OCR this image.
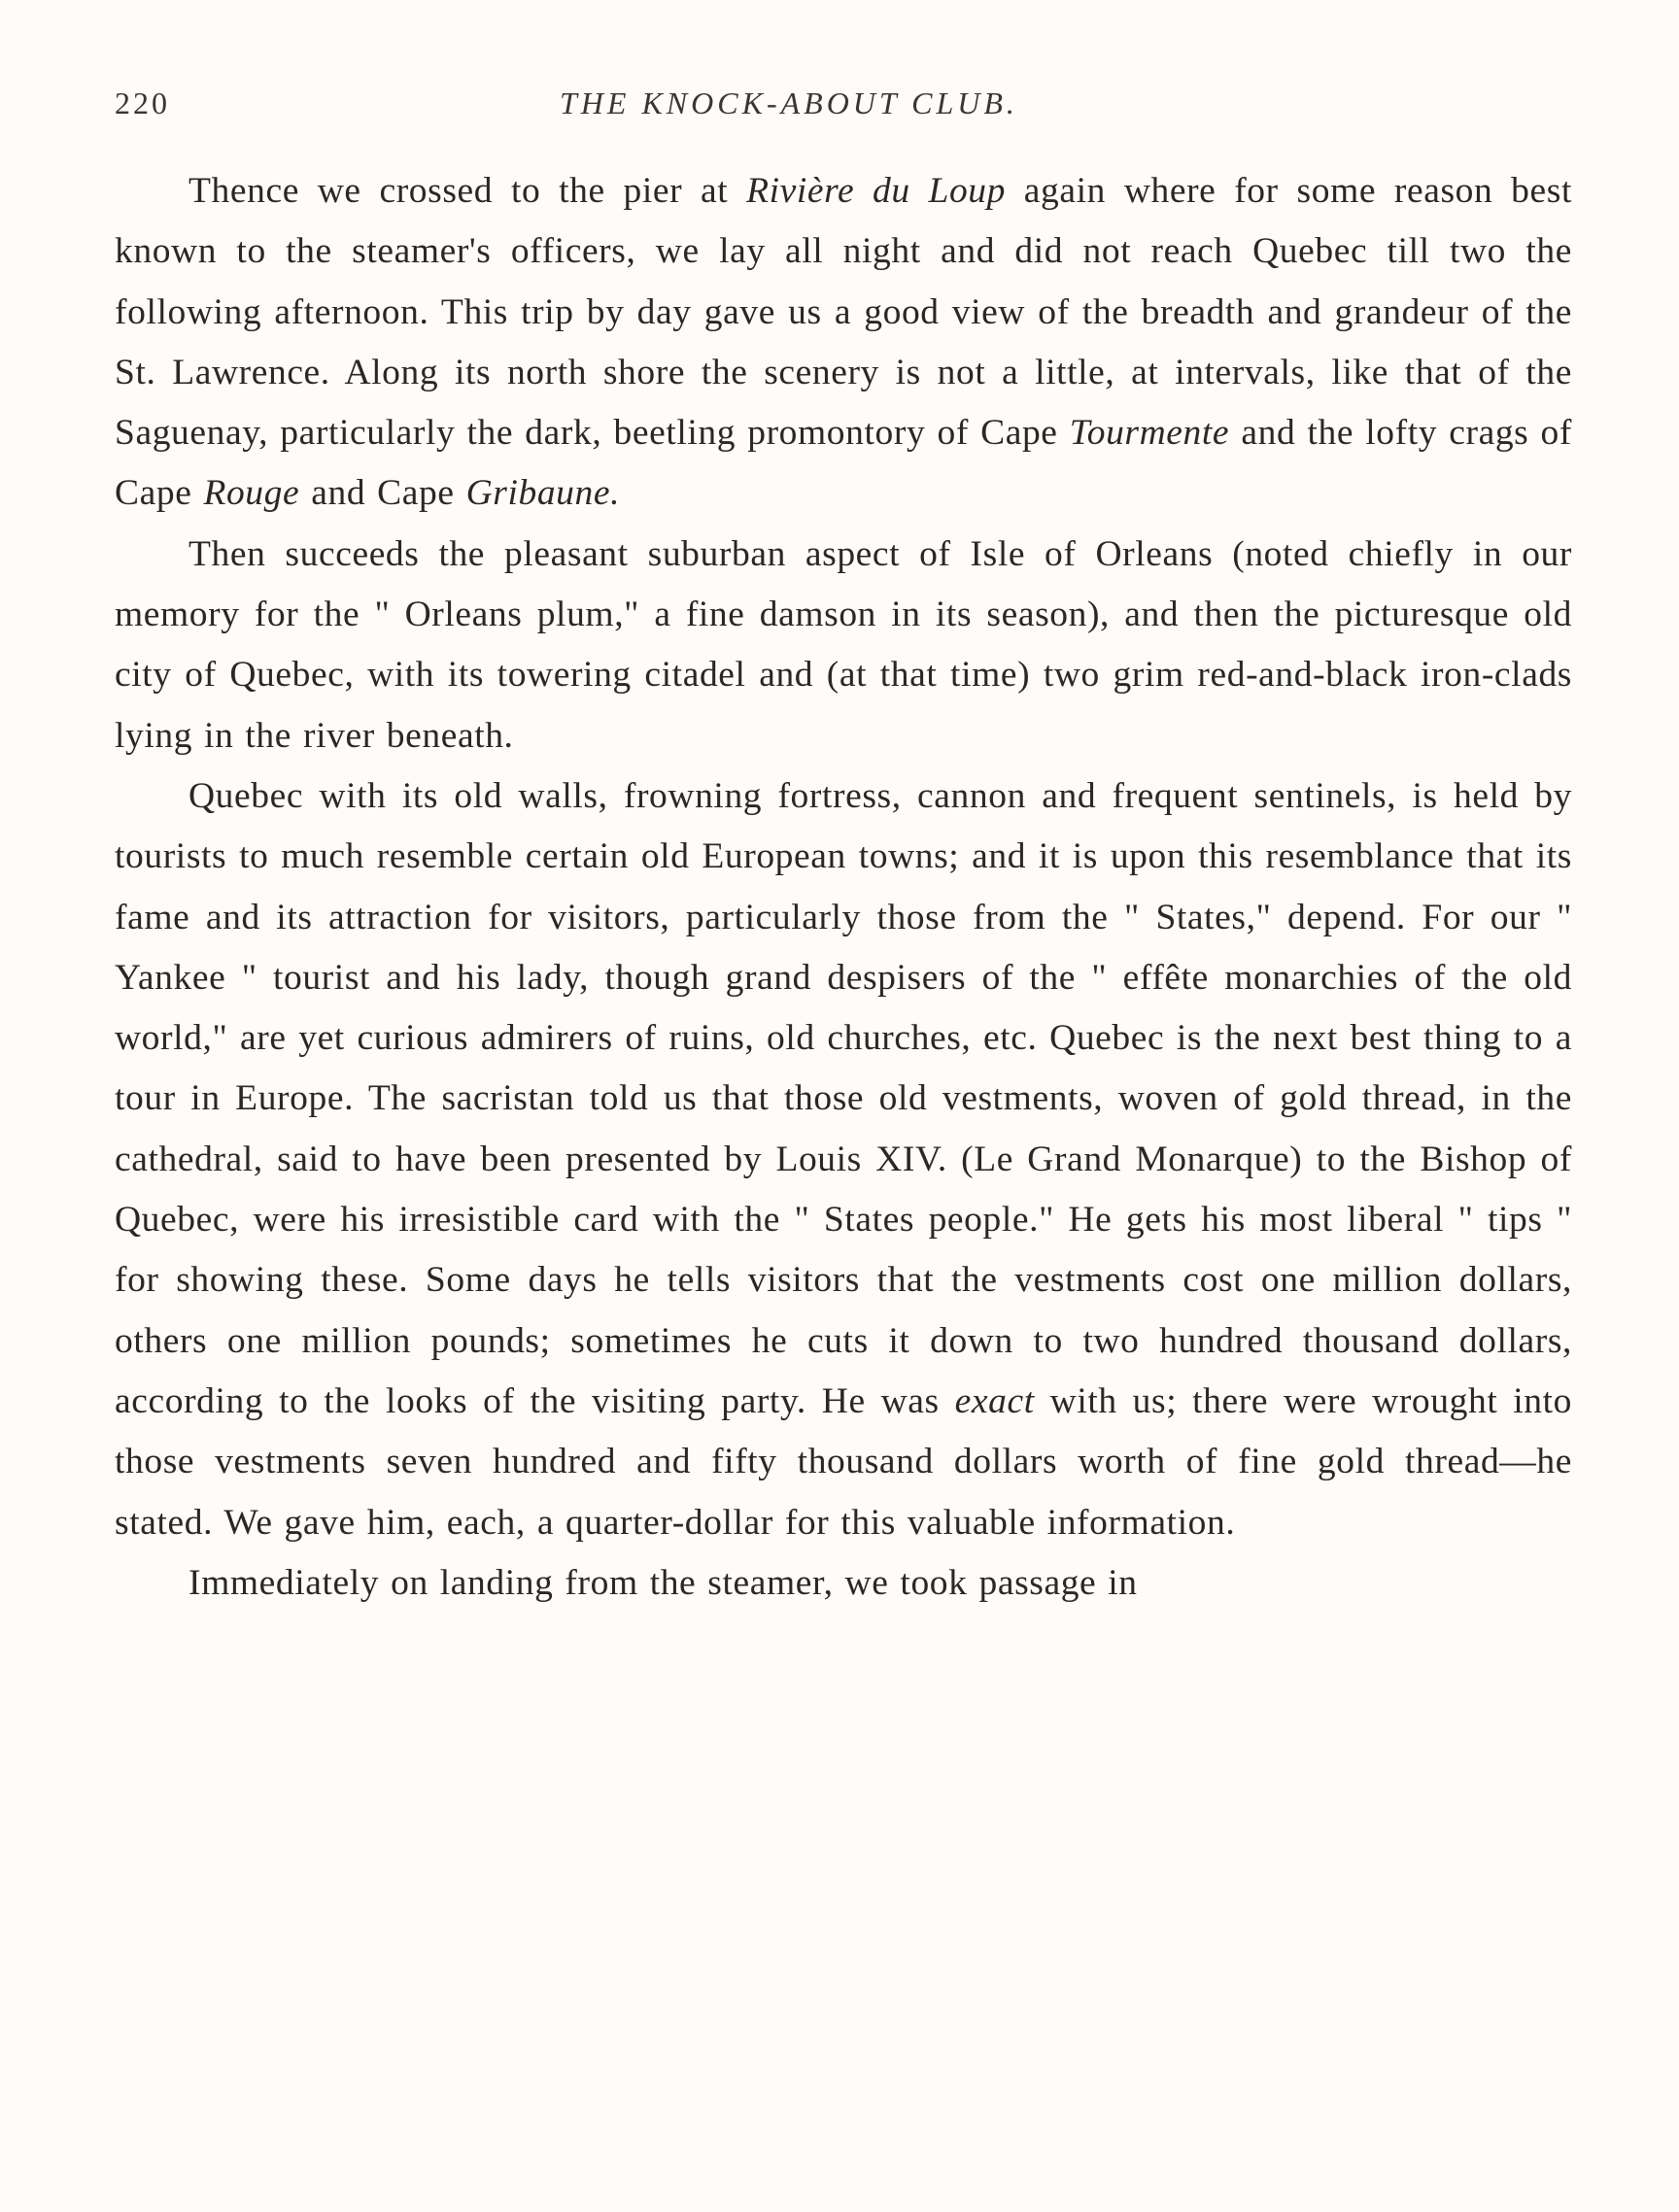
220	THE KNOCK-ABOUT CLUB.

Thence we crossed to the pier at Rivière du Loup again where for some reason best known to the steamer's officers, we lay all night and did not reach Quebec till two the following afternoon. This trip by day gave us a good view of the breadth and grandeur of the St. Lawrence. Along its north shore the scenery is not a little, at intervals, like that of the Saguenay, particularly the dark, beetling promontory of Cape Tourmente and the lofty crags of Cape Rouge and Cape Gribaune.

Then succeeds the pleasant suburban aspect of Isle of Orleans (noted chiefly in our memory for the " Orleans plum," a fine damson in its season), and then the picturesque old city of Quebec, with its towering citadel and (at that time) two grim red-and-black iron-clads lying in the river beneath.

Quebec with its old walls, frowning fortress, cannon and frequent sentinels, is held by tourists to much resemble certain old European towns; and it is upon this resemblance that its fame and its attraction for visitors, particularly those from the " States," depend. For our " Yankee " tourist and his lady, though grand despisers of the " effête monarchies of the old world," are yet curious admirers of ruins, old churches, etc. Quebec is the next best thing to a tour in Europe. The sacristan told us that those old vestments, woven of gold thread, in the cathedral, said to have been presented by Louis XIV. (Le Grand Monarque) to the Bishop of Quebec, were his irresistible card with the " States people." He gets his most liberal " tips " for showing these. Some days he tells visitors that the vestments cost one million dollars, others one million pounds; sometimes he cuts it down to two hundred thousand dollars, according to the looks of the visiting party. He was exact with us; there were wrought into those vestments seven hundred and fifty thousand dollars worth of fine gold thread—he stated. We gave him, each, a quarter-dollar for this valuable information.

Immediately on landing from the steamer, we took passage in
